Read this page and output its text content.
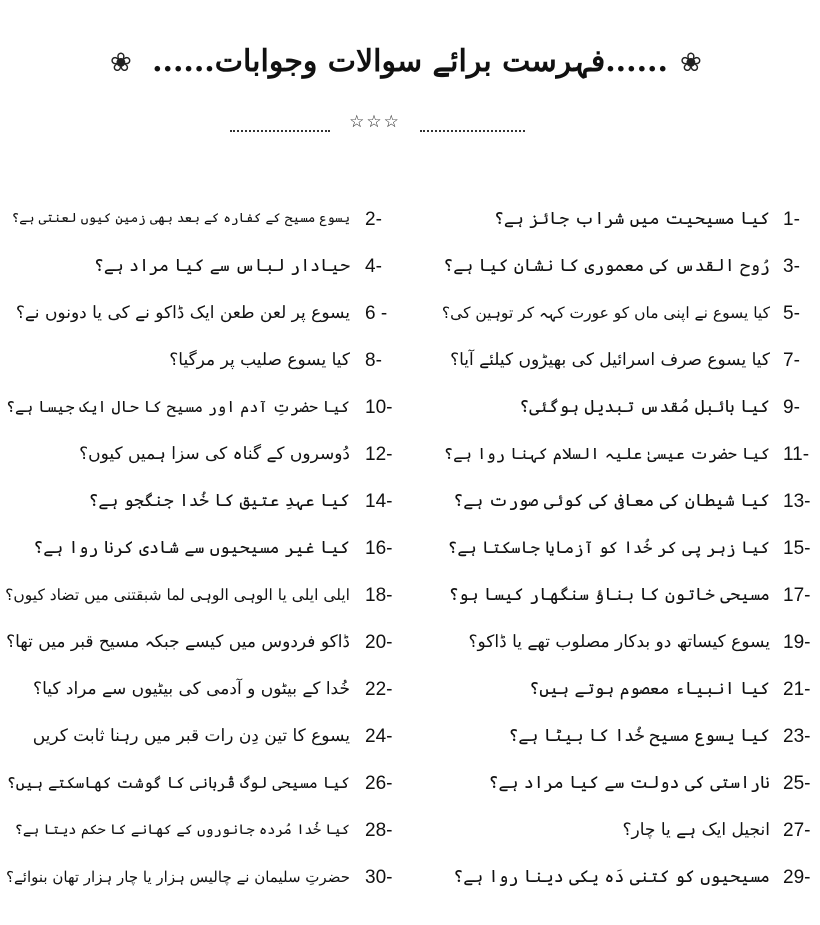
❀	......فہرست برائے سوالات وجوابات......	❀
☆☆☆
کیا مسیحیت میں شراب جائز ہے؟ 1-
یسوع مسیح کے کفارہ کے بعد بھی زمین کیوں لعنتی ہے؟ 2-
رُوح القدس کی معموری کا نشان کیا ہے؟ 3-
حیادار لباس سے کیا مراد ہے؟ 4-
کیا یسوع نے اپنی ماں کو عورت کہہ کر توہین کی؟ 5-
یسوع پر لعن طعن ایک ڈاکو نے کی یا دونوں نے؟ 6 -
کیا یسوع صرف اسرائیل کی بھیڑوں کیلئے آیا؟ 7-
کیا یسوع صلیب پر مرگیا؟ 8-
کیا بائبل مُقدس تبدیل ہوگئی؟ 9-
کیا حضرتِ آدم اور مسیح کا حال ایک جیسا ہے؟ 10-
کیا حضرت عیسیٰ علیہ السلام کہنا روا ہے؟ 11-
دُوسروں کے گناہ کی سزا ہمیں کیوں؟ 12-
کیا شیطان کی معافی کی کوئی صورت ہے؟ 13-
کیا عہدِ عتیق کا خُدا جنگجو ہے؟ 14-
کیا زہر پی کر خُدا کو آزمایا جاسکتا ہے؟ 15-
کیا غیر مسیحیوں سے شادی کرنا روا ہے؟ 16-
مسیحی خاتون کا بناؤ سنگھار کیسا ہو؟ 17-
ایلی ایلی یا الوہی الوہی لما شبقتنی میں تضاد کیوں؟ 18-
یسوع کیساتھ دو بدکار مصلوب تھے یا ڈاکو؟ 19-
ڈاکو فردوس میں کیسے جبکہ مسیح قبر میں تھا؟ 20-
کیا انبیاء معصوم ہوتے ہیں؟ 21-
خُدا کے بیٹوں و آدمی کی بیٹیوں سے مراد کیا؟ 22-
کیا یسوع مسیح خُدا کا بیٹا ہے؟ 23-
یسوع کا تین دِن رات قبر میں رہنا ثابت کریں 24-
ناراستی کی دولت سے کیا مراد ہے؟ 25-
کیا مسیحی لوگ قُربانی کا گوشت کھاسکتے ہیں؟ 26-
انجیل ایک ہے یا چار؟ 27-
کیا خُدا مُردہ جانوروں کے کھانے کا حکم دیتا ہے؟ 28-
مسیحیوں کو کتنی دَہ یکی دینا روا ہے؟ 29-
حضرتِ سلیمان نے چالیس ہزار یا چار ہزار تھان بنوائے؟ 30-
